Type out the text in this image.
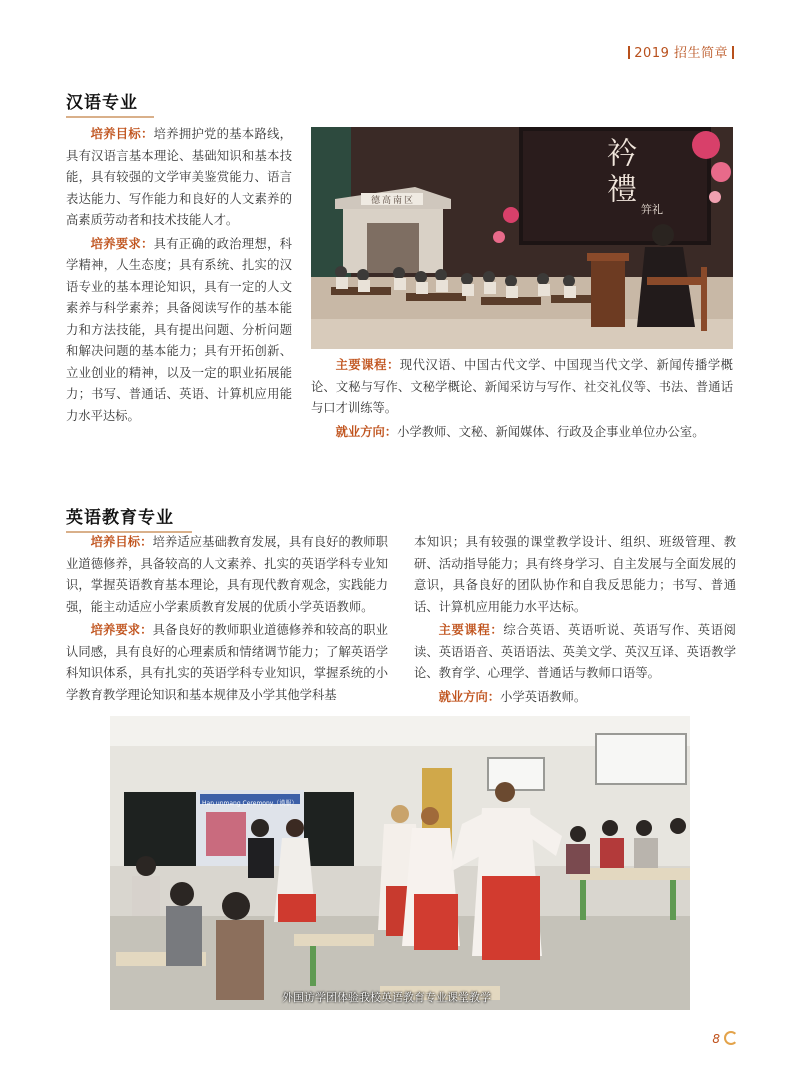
2019 招生简章
汉语专业

培养目标：培养拥护党的基本路线，具有汉语言基本理论、基础知识和基本技能，具有较强的文学审美鉴赏能力、语言表达能力、写作能力和良好的人文素养的高素质劳动者和技术技能人才。

培养要求：具有正确的政治理想，科学精神，人生态度；具有系统、扎实的汉语专业的基本理论知识，具有一定的人文素养与科学素养；具备阅读写作的基本能力和方法技能，具有提出问题、分析问题和解决问题的基本能力；具有开拓创新、立业创业的精神，以及一定的职业拓展能力；书写、普通话、英语、计算机应用能力水平达标。

衿禮
笄礼
德高南区

主要课程：现代汉语、中国古代文学、中国现当代文学、新闻传播学概论、文秘与写作、文秘学概论、新闻采访与写作、社交礼仪等、书法、普通话与口才训练等。

就业方向：小学教师、文秘、新闻媒体、行政及企事业单位办公室。

英语教育专业

培养目标：培养适应基础教育发展，具有良好的教师职业道德修养，具备较高的人文素养、扎实的英语学科专业知识，掌握英语教育基本理论，具有现代教育观念，实践能力强，能主动适应小学素质教育发展的优质小学英语教师。

培养要求：具备良好的教师职业道德修养和较高的职业认同感，具有良好的心理素质和情绪调节能力；了解英语学科知识体系，具有扎实的英语学科专业知识，掌握系统的小学教育教学理论知识和基本规律及小学其他学科基

本知识；具有较强的课堂教学设计、组织、班级管理、教研、活动指导能力；具有终身学习、自主发展与全面发展的意识，具备良好的团队协作和自我反思能力；书写、普通话、计算机应用能力水平达标。

主要课程：综合英语、英语听说、英语写作、英语阅读、英语语音、英语语法、英美文学、英汉互译、英语教学论、教育学、心理学、普通话与教师口语等。

就业方向：小学英语教师。

Han unmang Ceremony（漢服）
外国访学团体验我校英语教育专业课堂教学
8
